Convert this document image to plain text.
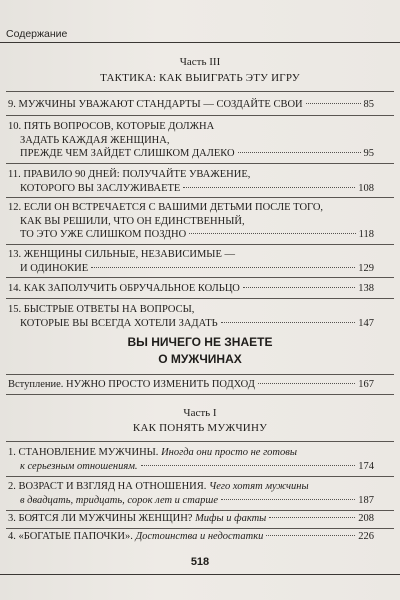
Содержание
Часть III
ТАКТИКА: КАК ВЫИГРАТЬ ЭТУ ИГРУ
9. МУЖЧИНЫ УВАЖАЮТ СТАНДАРТЫ — СОЗДАЙТЕ СВОИ	85
10. ПЯТЬ ВОПРОСОВ, КОТОРЫЕ ДОЛЖНА
ЗАДАТЬ КАЖДАЯ ЖЕНЩИНА,
ПРЕЖДЕ ЧЕМ ЗАЙДЕТ СЛИШКОМ ДАЛЕКО	95
11. ПРАВИЛО 90 ДНЕЙ: ПОЛУЧАЙТЕ УВАЖЕНИЕ,
КОТОРОГО ВЫ ЗАСЛУЖИВАЕТЕ	108
12. ЕСЛИ ОН ВСТРЕЧАЕТСЯ С ВАШИМИ ДЕТЬМИ ПОСЛЕ ТОГО,
КАК ВЫ РЕШИЛИ, ЧТО ОН ЕДИНСТВЕННЫЙ,
ТО ЭТО УЖЕ СЛИШКОМ ПОЗДНО	118
13. ЖЕНЩИНЫ СИЛЬНЫЕ, НЕЗАВИСИМЫЕ —
И ОДИНОКИЕ	129
14. КАК ЗАПОЛУЧИТЬ ОБРУЧАЛЬНОЕ КОЛЬЦО	138
15. БЫСТРЫЕ ОТВЕТЫ НА ВОПРОСЫ,
КОТОРЫЕ ВЫ ВСЕГДА ХОТЕЛИ ЗАДАТЬ	147
ВЫ НИЧЕГО НЕ ЗНАЕТЕ
О МУЖЧИНАХ
Вступление. НУЖНО ПРОСТО ИЗМЕНИТЬ ПОДХОД	167
Часть I
КАК ПОНЯТЬ МУЖЧИНУ
1. СТАНОВЛЕНИЕ МУЖЧИНЫ. Иногда они просто не готовы
к серьезным отношениям.	174
2. ВОЗРАСТ И ВЗГЛЯД НА ОТНОШЕНИЯ. Чего хотят мужчины
в двадцать, тридцать, сорок лет и старше	187
3. БОЯТСЯ ЛИ МУЖЧИНЫ ЖЕНЩИН? Мифы и факты	208
4. «БОГАТЫЕ ПАПОЧКИ». Достоинства и недостатки	226
518
